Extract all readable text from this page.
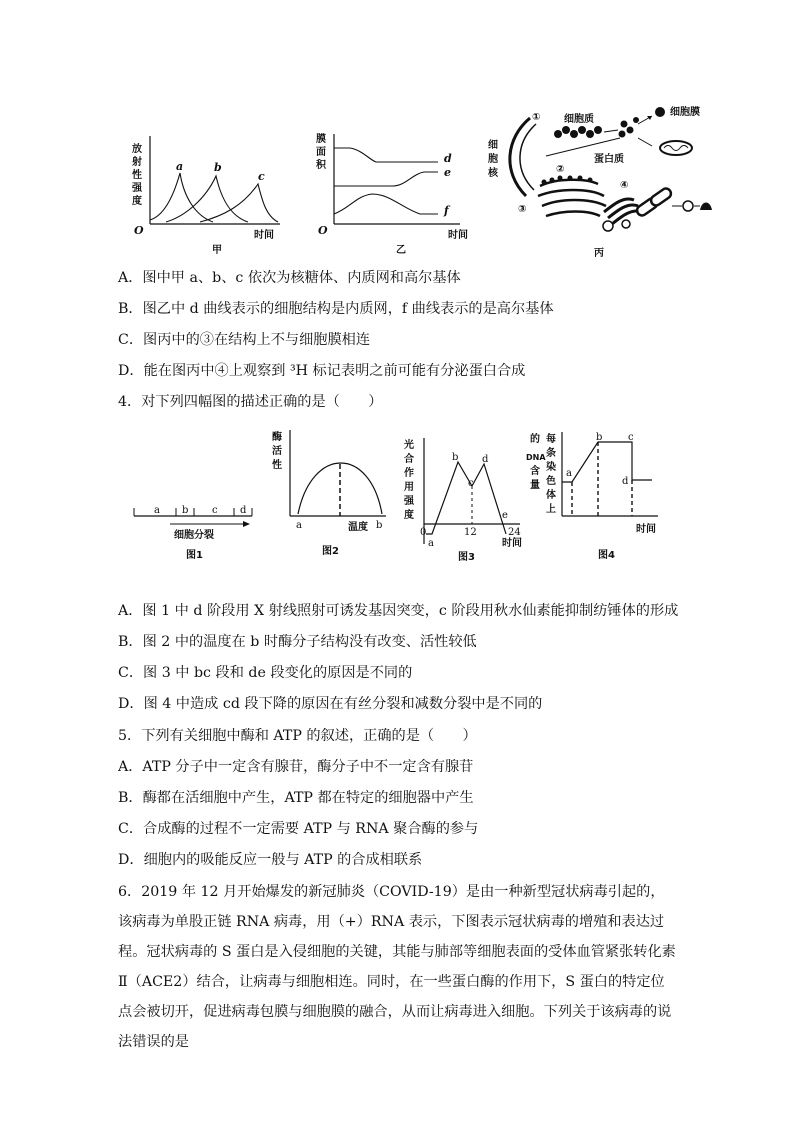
放
射
性
强
度
a	b
c
O	时间
甲
膜
面
积
d
e
f
O	时间
乙
细
胞
核
① 细胞质
细胞膜
蛋白质
②
③
④
丙
A．图中甲 a、b、c 依次为核糖体、内质网和高尔基体
B．图乙中 d 曲线表示的细胞结构是内质网，f 曲线表示的是高尔基体
C．图丙中的③在结构上不与细胞膜相连
D．能在图丙中④上观察到 ³H 标记表明之前可能有分泌蛋白合成
4．对下列四幅图的描述正确的是（　　）
a b c d
细胞分裂
图1
酶
活
性
a	温度 b
图2
光
合
作
用
强
度
a
b
c
d
e
0	12	24
时间
图3
的
DNA
含
量
每
条
染
色
体
上
a
b	c
d
时间
图4
A．图 1 中 d 阶段用 X 射线照射可诱发基因突变，c 阶段用秋水仙素能抑制纺锤体的形成
B．图 2 中的温度在 b 时酶分子结构没有改变、活性较低
C．图 3 中 bc 段和 de 段变化的原因是不同的
D．图 4 中造成 cd 段下降的原因在有丝分裂和减数分裂中是不同的
5．下列有关细胞中酶和 ATP 的叙述，正确的是（　　）
A．ATP 分子中一定含有腺苷，酶分子中不一定含有腺苷
B．酶都在活细胞中产生，ATP 都在特定的细胞器中产生
C．合成酶的过程不一定需要 ATP 与 RNA 聚合酶的参与
D．细胞内的吸能反应一般与 ATP 的合成相联系
6．2019 年 12 月开始爆发的新冠肺炎（COVID-19）是由一种新型冠状病毒引起的，该病毒为单股正链 RNA 病毒，用（+）RNA 表示，下图表示冠状病毒的增殖和表达过程。冠状病毒的 S 蛋白是入侵细胞的关键，其能与肺部等细胞表面的受体血管紧张转化素Ⅱ（ACE2）结合，让病毒与细胞相连。同时，在一些蛋白酶的作用下，S 蛋白的特定位点会被切开，促进病毒包膜与细胞膜的融合，从而让病毒进入细胞。下列关于该病毒的说法错误的是
